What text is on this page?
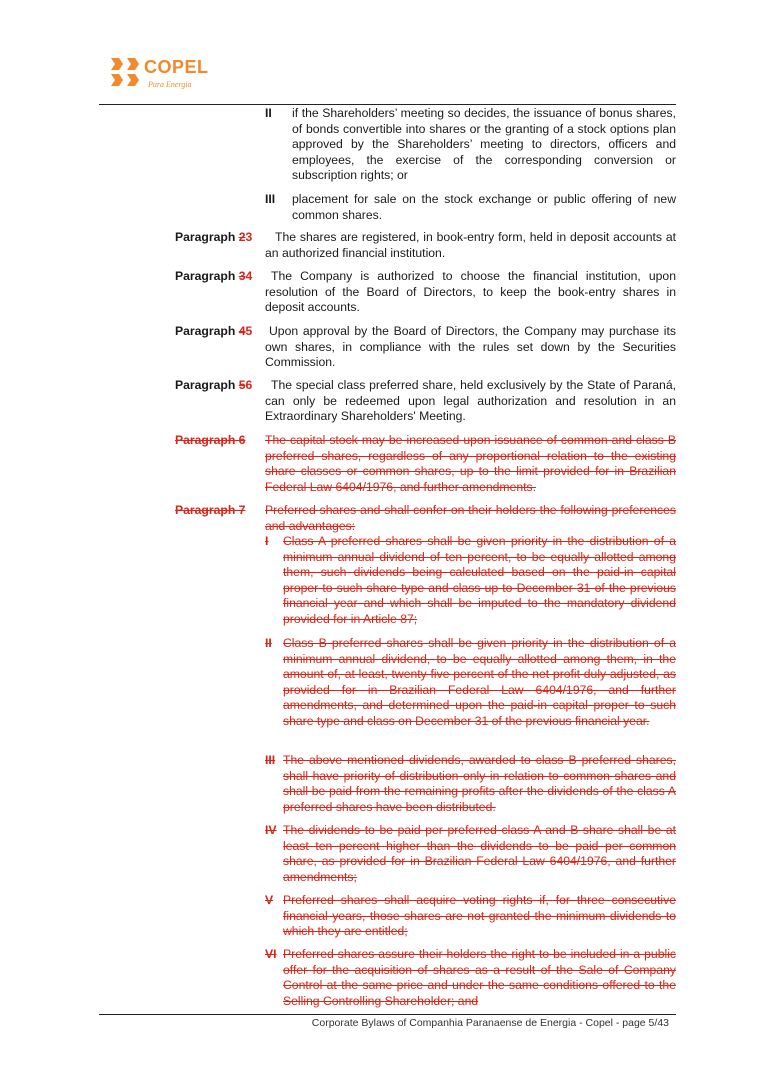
COPEL
Pura Energia
II if the Shareholders’ meeting so decides, the issuance of bonus shares, of bonds convertible into shares or the granting of a stock options plan approved by the Shareholders’ meeting to directors, officers and employees, the exercise of the corresponding conversion or subscription rights; or
III placement for sale on the stock exchange or public offering of new common shares.
Paragraph 23	The shares are registered, in book-entry form, held in deposit accounts at an authorized financial institution.
Paragraph 34	The Company is authorized to choose the financial institution, upon resolution of the Board of Directors, to keep the book-entry shares in deposit accounts.
Paragraph 45	Upon approval by the Board of Directors, the Company may purchase its own shares, in compliance with the rules set down by the Securities Commission.
Paragraph 56	The special class preferred share, held exclusively by the State of Paraná, can only be redeemed upon legal authorization and resolution in an Extraordinary Shareholders' Meeting.
Paragraph 6 The capital stock may be increased upon issuance of common and class B preferred shares, regardless of any proportional relation to the existing share classes or common shares, up to the limit provided for in Brazilian Federal Law 6404/1976, and further amendments.
Paragraph 7 Preferred shares and shall confer on their holders the following preferences and advantages:
I Class A preferred shares shall be given priority in the distribution of a minimum annual dividend of ten percent, to be equally allotted among them, such dividends being calculated based on the paid-in capital proper to such share type and class up to December 31 of the previous financial year and which shall be imputed to the mandatory dividend provided for in Article 87;
II Class B preferred shares shall be given priority in the distribution of a minimum annual dividend, to be equally allotted among them, in the amount of, at least, twenty five percent of the net profit duly adjusted, as provided for in Brazilian Federal Law 6404/1976, and further amendments, and determined upon the paid-in capital proper to such share type and class on December 31 of the previous financial year.
III The above mentioned dividends, awarded to class B preferred shares, shall have priority of distribution only in relation to common shares and shall be paid from the remaining profits after the dividends of the class A preferred shares have been distributed.
IV The dividends to be paid per preferred class A and B share shall be at least ten percent higher than the dividends to be paid per common share, as provided for in Brazilian Federal Law 6404/1976, and further amendments;
V Preferred shares shall acquire voting rights if, for three consecutive financial years, those shares are not granted the minimum dividends to which they are entitled;
VI Preferred shares assure their holders the right to be included in a public offer for the acquisition of shares as a result of the Sale of Company Control at the same price and under the same conditions offered to the Selling Controlling Shareholder; and
Corporate Bylaws of Companhia Paranaense de Energia - Copel - page 5/43
